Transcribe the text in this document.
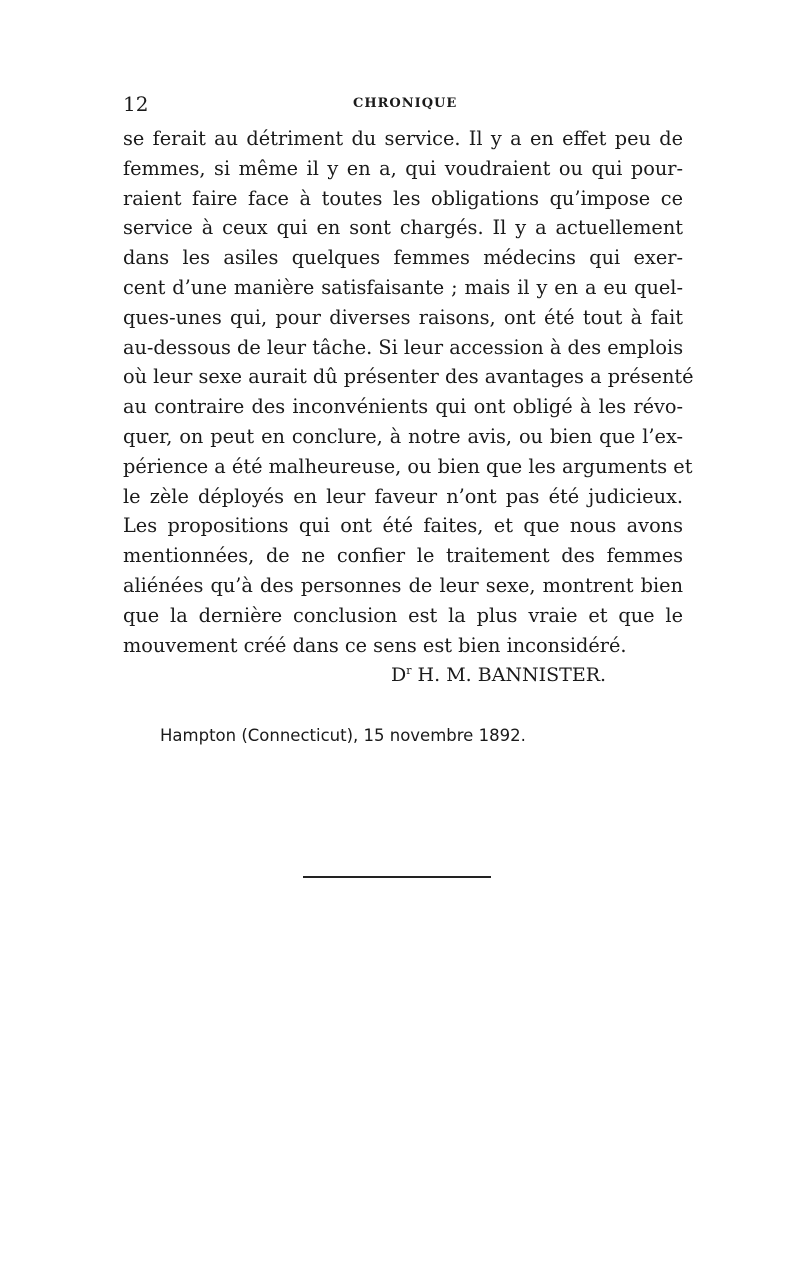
12	CHRONIQUE
se ferait au détriment du service. Il y a en effet peu de
femmes, si même il y en a, qui voudraient ou qui pour-
raient faire face à toutes les obligations qu’impose ce
service à ceux qui en sont chargés. Il y a actuellement
dans les asiles quelques femmes médecins qui exer-
cent d’une manière satisfaisante ; mais il y en a eu quel-
ques-unes qui, pour diverses raisons, ont été tout à fait
au-dessous de leur tâche. Si leur accession à des emplois
où leur sexe aurait dû présenter des avantages a présenté
au contraire des inconvénients qui ont obligé à les révo-
quer, on peut en conclure, à notre avis, ou bien que l’ex-
périence a été malheureuse, ou bien que les arguments et
le zèle déployés en leur faveur n’ont pas été judicieux.
Les propositions qui ont été faites, et que nous avons
mentionnées, de ne confier le traitement des femmes
aliénées qu’à des personnes de leur sexe, montrent bien
que la dernière conclusion est la plus vraie et que le
mouvement créé dans ce sens est bien inconsidéré.
$D^r$ H. M. BANNISTER.
Hampton (Connecticut), 15 novembre 1892.
